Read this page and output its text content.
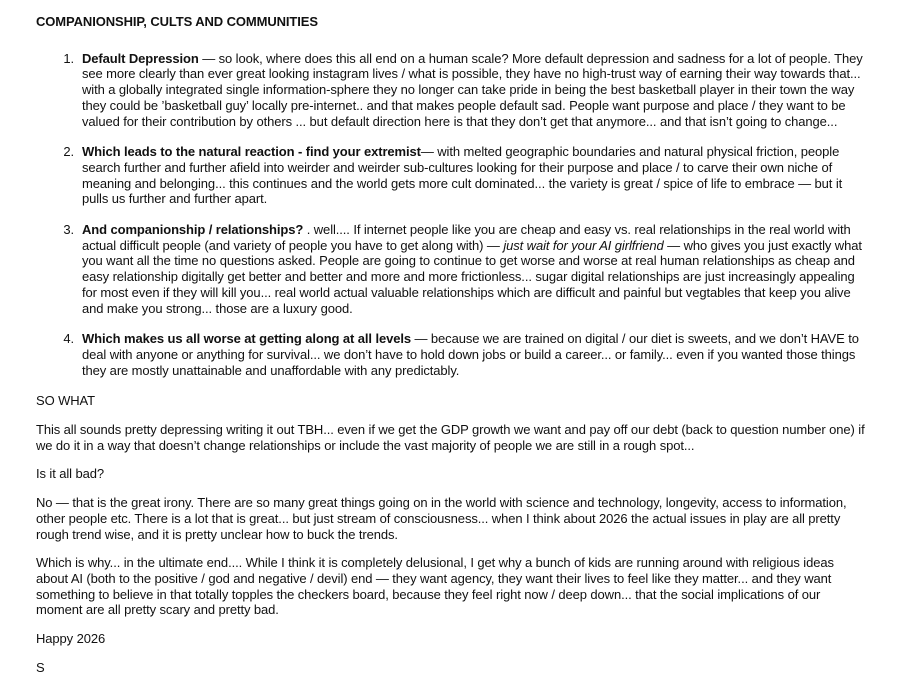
COMPANIONSHIP, CULTS AND COMMUNITIES
1. Default Depression — so look, where does this all end on a human scale? More default depression and sadness for a lot of people. They see more clearly than ever great looking instagram lives / what is possible, they have no high-trust way of earning their way towards that... with a globally integrated single information-sphere they no longer can take pride in being the best basketball player in their town the way they could be ’basketball guy’ locally pre-internet.. and that makes people default sad. People want purpose and place / they want to be valued for their contribution by others ... but default direction here is that they don’t get that anymore... and that isn’t going to change...
2. Which leads to the natural reaction - find your extremist— with melted geographic boundaries and natural physical friction, people search further and further afield into weirder and weirder sub-cultures looking for their purpose and place / to carve their own niche of meaning and belonging... this continues and the world gets more cult dominated... the variety is great / spice of life to embrace — but it pulls us further and further apart.
3. And companionship / relationships? . well.... If internet people like you are cheap and easy vs. real relationships in the real world with actual difficult people (and variety of people you have to get along with) — just wait for your AI girlfriend — who gives you just exactly what you want all the time no questions asked. People are going to continue to get worse and worse at real human relationships as cheap and easy relationship digitally get better and better and more and more frictionless... sugar digital relationships are just increasingly appealing for most even if they will kill you... real world actual valuable relationships which are difficult and painful but vegtables that keep you alive and make you strong... those are a luxury good.
4. Which makes us all worse at getting along at all levels — because we are trained on digital / our diet is sweets, and we don’t HAVE to deal with anyone or anything for survival... we don’t have to hold down jobs or build a career... or family... even if you wanted those things they are mostly unattainable and unaffordable with any predictably.

SO WHAT

This all sounds pretty depressing writing it out TBH... even if we get the GDP growth we want and pay off our debt (back to question number one) if we do it in a way that doesn’t change relationships or include the vast majority of people we are still in a rough spot...

Is it all bad?

No — that is the great irony. There are so many great things going on in the world with science and technology, longevity, access to information, other people etc. There is a lot that is great... but just stream of consciousness... when I think about 2026 the actual issues in play are all pretty rough trend wise, and it is pretty unclear how to buck the trends.

Which is why... in the ultimate end.... While I think it is completely delusional, I get why a bunch of kids are running around with religious ideas about AI (both to the positive / god and negative / devil) end — they want agency, they want their lives to feel like they matter... and they want something to believe in that totally topples the checkers board, because they feel right now / deep down... that the social implications of our moment are all pretty scary and pretty bad.

Happy 2026

S
